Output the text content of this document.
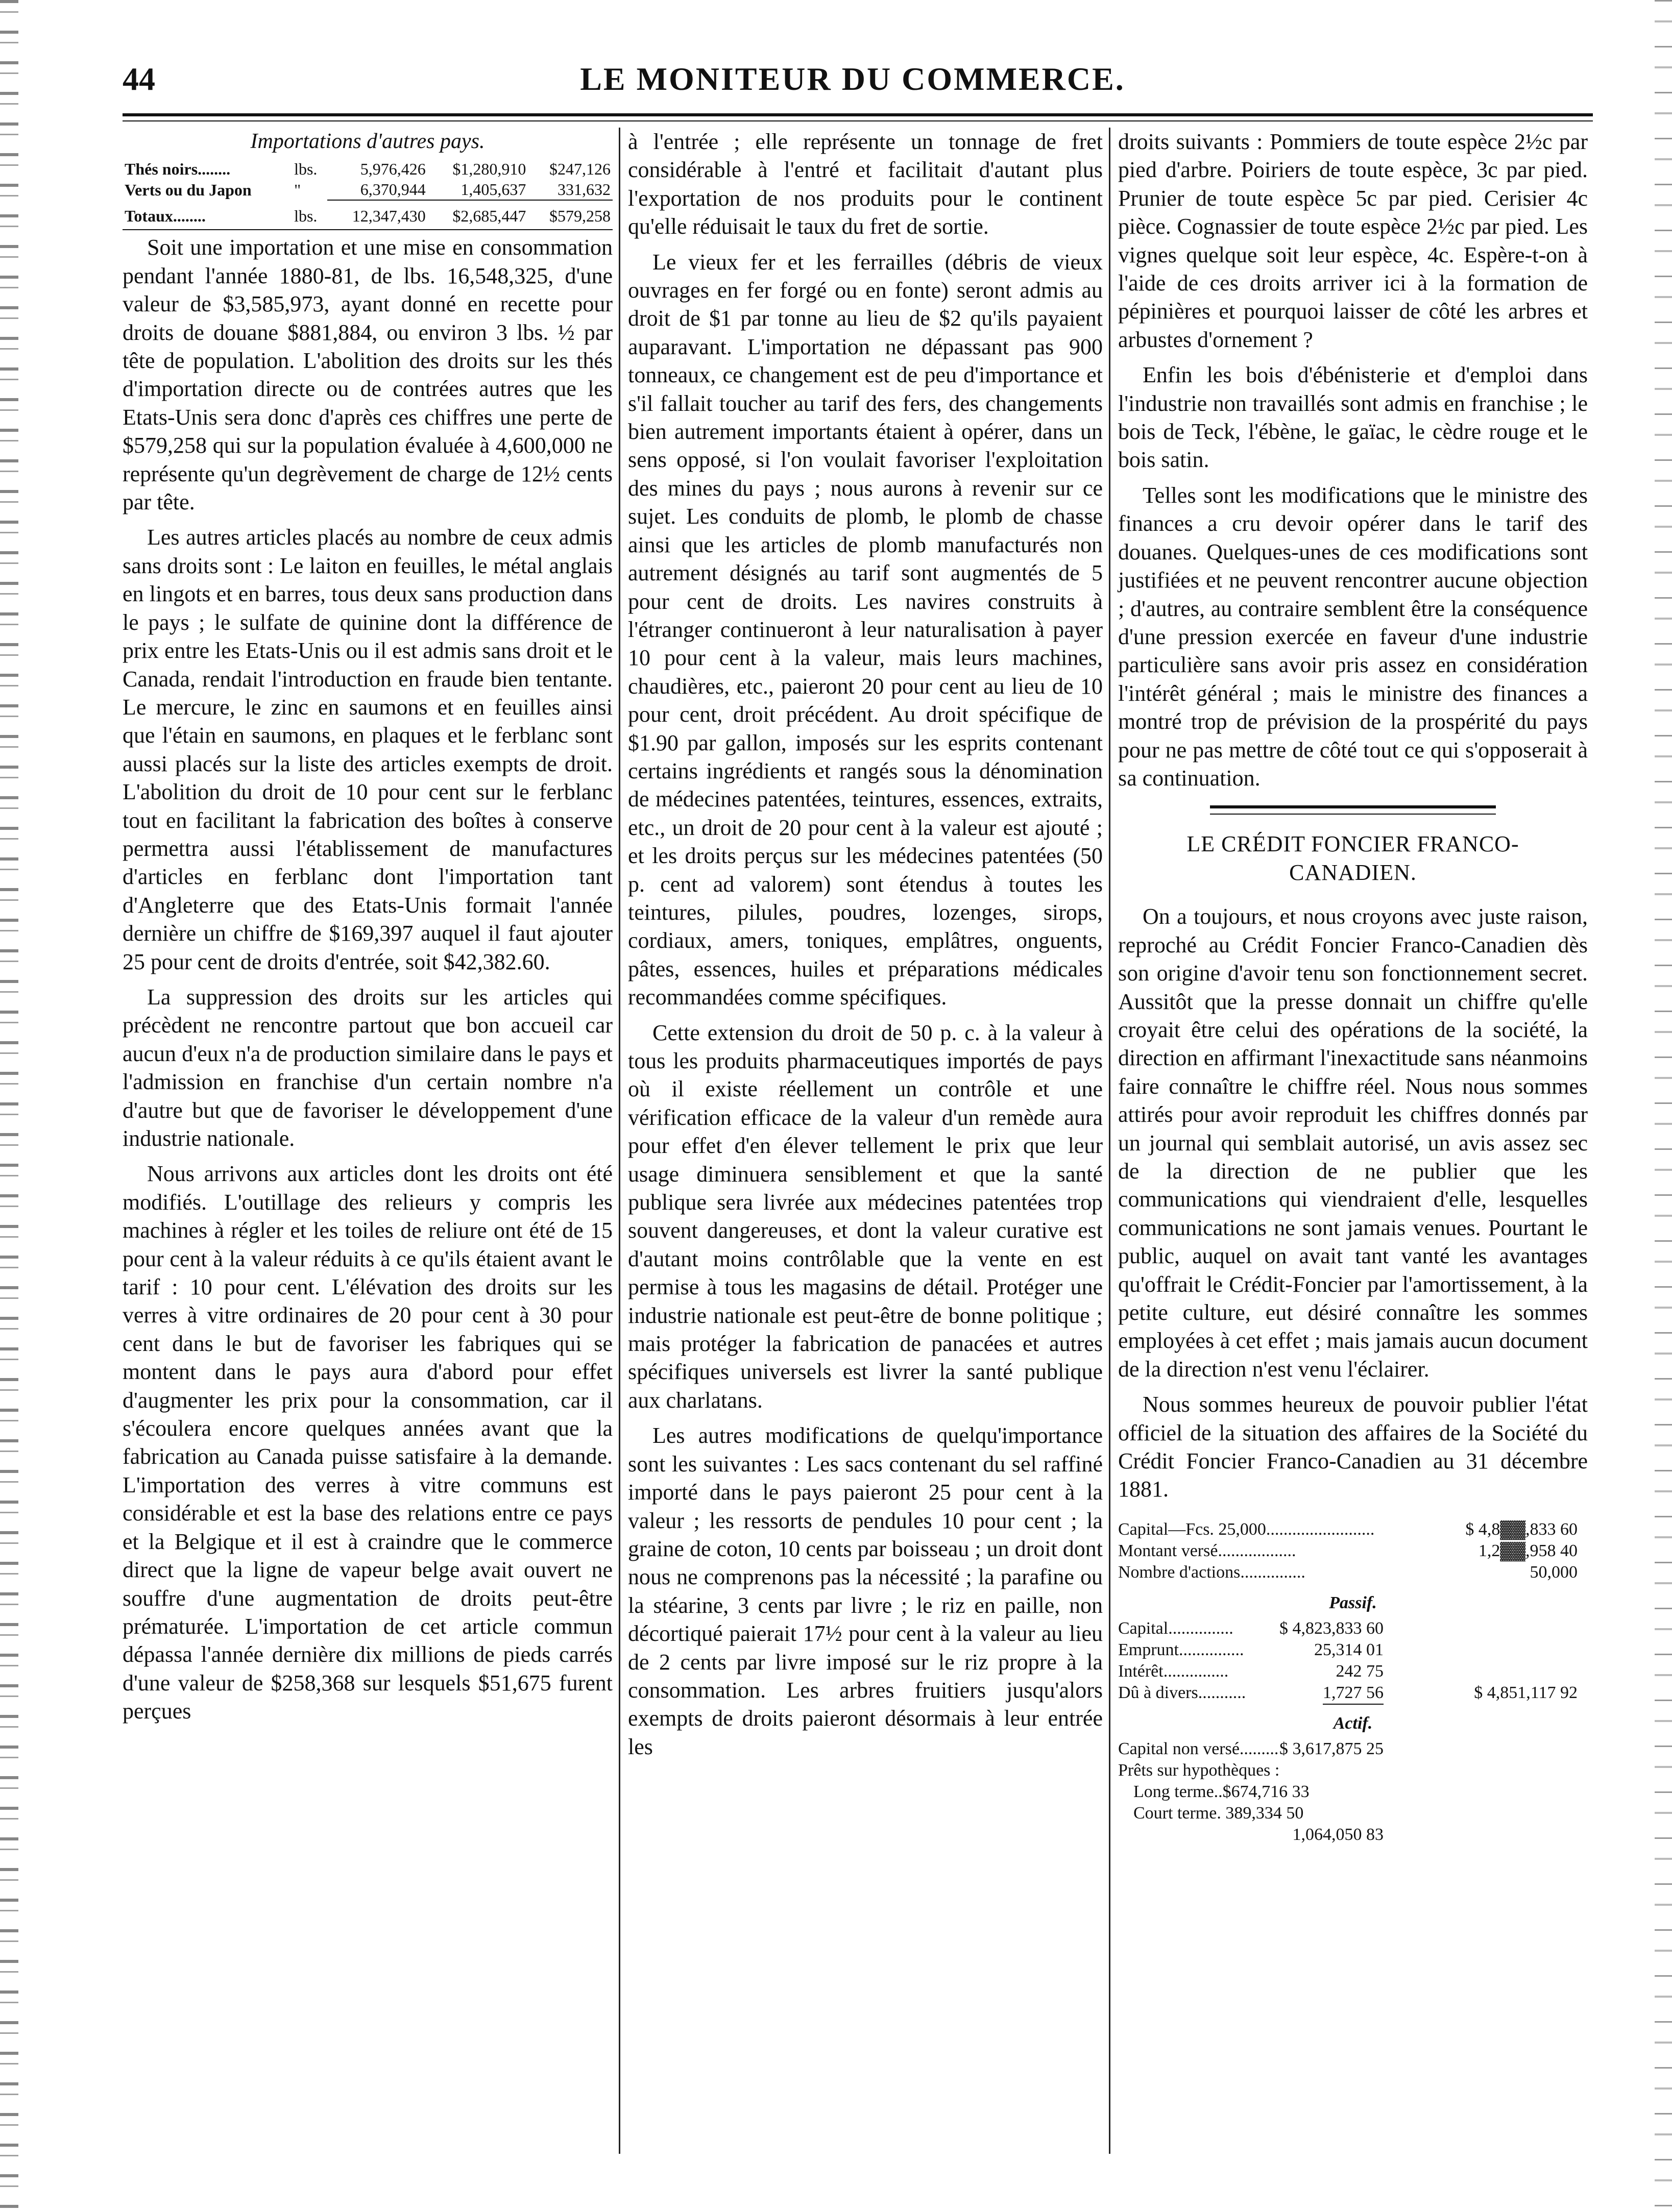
44	LE MONITEUR DU COMMERCE.
Importations d'autres pays.
Thés noirs........	lbs.	5,976,426	$1,280,910	$247,126
Verts ou du Japon	"	6,370,944	1,405,637	331,632
Totaux........	lbs.	12,347,430	$2,685,447	$579,258

Soit une importation et une mise en consommation pendant l'année 1880-81, de lbs. 16,548,325, d'une valeur de $3,585,973, ayant donné en recette pour droits de douane $881,884, ou environ 3 lbs. ½ par tête de population. L'abolition des droits sur les thés d'importation directe ou de contrées autres que les Etats-Unis sera donc d'après ces chiffres une perte de $579,258 qui sur la population évaluée à 4,600,000 ne représente qu'un degrèvement de charge de 12½ cents par tête.

Les autres articles placés au nombre de ceux admis sans droits sont : Le laiton en feuilles, le métal anglais en lingots et en barres, tous deux sans production dans le pays ; le sulfate de quinine dont la différence de prix entre les Etats-Unis ou il est admis sans droit et le Canada, rendait l'introduction en fraude bien tentante. Le mercure, le zinc en saumons et en feuilles ainsi que l'étain en saumons, en plaques et le ferblanc sont aussi placés sur la liste des articles exempts de droit. L'abolition du droit de 10 pour cent sur le ferblanc tout en facilitant la fabrication des boîtes à conserve permettra aussi l'établissement de manufactures d'articles en ferblanc dont l'importation tant d'Angleterre que des Etats-Unis formait l'année dernière un chiffre de $169,397 auquel il faut ajouter 25 pour cent de droits d'entrée, soit $42,382.60.

La suppression des droits sur les articles qui précèdent ne rencontre partout que bon accueil car aucun d'eux n'a de production similaire dans le pays et l'admission en franchise d'un certain nombre n'a d'autre but que de favoriser le développement d'une industrie nationale.

Nous arrivons aux articles dont les droits ont été modifiés. L'outillage des relieurs y compris les machines à régler et les toiles de reliure ont été de 15 pour cent à la valeur réduits à ce qu'ils étaient avant le tarif : 10 pour cent. L'élévation des droits sur les verres à vitre ordinaires de 20 pour cent à 30 pour cent dans le but de favoriser les fabriques qui se montent dans le pays aura d'abord pour effet d'augmenter les prix pour la consommation, car il s'écoulera encore quelques années avant que la fabrication au Canada puisse satisfaire à la demande. L'importation des verres à vitre communs est considérable et est la base des relations entre ce pays et la Belgique et il est à craindre que le commerce direct que la ligne de vapeur belge avait ouvert ne souffre d'une augmentation de droits peut-être prématurée. L'importation de cet article commun dépassa l'année dernière dix millions de pieds carrés d'une valeur de $258,368 sur lesquels $51,675 furent perçues

à l'entrée ; elle représente un tonnage de fret considérable à l'entré et facilitait d'autant plus l'exportation de nos produits pour le continent qu'elle réduisait le taux du fret de sortie.

Le vieux fer et les ferrailles (débris de vieux ouvrages en fer forgé ou en fonte) seront admis au droit de $1 par tonne au lieu de $2 qu'ils payaient auparavant. L'importation ne dépassant pas 900 tonneaux, ce changement est de peu d'importance et s'il fallait toucher au tarif des fers, des changements bien autrement importants étaient à opérer, dans un sens opposé, si l'on voulait favoriser l'exploitation des mines du pays ; nous aurons à revenir sur ce sujet. Les conduits de plomb, le plomb de chasse ainsi que les articles de plomb manufacturés non autrement désignés au tarif sont augmentés de 5 pour cent de droits. Les navires construits à l'étranger continueront à leur naturalisation à payer 10 pour cent à la valeur, mais leurs machines, chaudières, etc., paieront 20 pour cent au lieu de 10 pour cent, droit précédent. Au droit spécifique de $1.90 par gallon, imposés sur les esprits contenant certains ingrédients et rangés sous la dénomination de médecines patentées, teintures, essences, extraits, etc., un droit de 20 pour cent à la valeur est ajouté ; et les droits perçus sur les médecines patentées (50 p. cent ad valorem) sont étendus à toutes les teintures, pilules, poudres, lozenges, sirops, cordiaux, amers, toniques, emplâtres, onguents, pâtes, essences, huiles et préparations médicales recommandées comme spécifiques.

Cette extension du droit de 50 p. c. à la valeur à tous les produits pharmaceutiques importés de pays où il existe réellement un contrôle et une vérification efficace de la valeur d'un remède aura pour effet d'en élever tellement le prix que leur usage diminuera sensiblement et que la santé publique sera livrée aux médecines patentées trop souvent dangereuses, et dont la valeur curative est d'autant moins contrôlable que la vente en est permise à tous les magasins de détail. Protéger une industrie nationale est peut-être de bonne politique ; mais protéger la fabrication de panacées et autres spécifiques universels est livrer la santé publique aux charlatans.

Les autres modifications de quelqu'importance sont les suivantes : Les sacs contenant du sel raffiné importé dans le pays paieront 25 pour cent à la valeur ; les ressorts de pendules 10 pour cent ; la graine de coton, 10 cents par boisseau ; un droit dont nous ne comprenons pas la nécessité ; la parafine ou la stéarine, 3 cents par livre ; le riz en paille, non décortiqué paierait 17½ pour cent à la valeur au lieu de 2 cents par livre imposé sur le riz propre à la consommation. Les arbres fruitiers jusqu'alors exempts de droits paieront désormais à leur entrée les

droits suivants : Pommiers de toute espèce 2½c par pied d'arbre. Poiriers de toute espèce, 3c par pied. Prunier de toute espèce 5c par pied. Cerisier 4c pièce. Cognassier de toute espèce 2½c par pied. Les vignes quelque soit leur espèce, 4c. Espère-t-on à l'aide de ces droits arriver ici à la formation de pépinières et pourquoi laisser de côté les arbres et arbustes d'ornement ?

Enfin les bois d'ébénisterie et d'emploi dans l'industrie non travaillés sont admis en franchise ; le bois de Teck, l'ébène, le gaïac, le cèdre rouge et le bois satin.

Telles sont les modifications que le ministre des finances a cru devoir opérer dans le tarif des douanes. Quelques-unes de ces modifications sont justifiées et ne peuvent rencontrer aucune objection ; d'autres, au contraire semblent être la conséquence d'une pression exercée en faveur d'une industrie particulière sans avoir pris assez en considération l'intérêt général ; mais le ministre des finances a montré trop de prévision de la prospérité du pays pour ne pas mettre de côté tout ce qui s'opposerait à sa continuation.

LE CRÉDIT FONCIER FRANCO-
CANADIEN.

On a toujours, et nous croyons avec juste raison, reproché au Crédit Foncier Franco-Canadien dès son origine d'avoir tenu son fonctionnement secret. Aussitôt que la presse donnait un chiffre qu'elle croyait être celui des opérations de la société, la direction en affirmant l'inexactitude sans néanmoins faire connaître le chiffre réel. Nous nous sommes attirés pour avoir reproduit les chiffres donnés par un journal qui semblait autorisé, un avis assez sec de la direction de ne publier que les communications qui viendraient d'elle, lesquelles communications ne sont jamais venues. Pourtant le public, auquel on avait tant vanté les avantages qu'offrait le Crédit-Foncier par l'amortissement, à la petite culture, eut désiré connaître les sommes employées à cet effet ; mais jamais aucun document de la direction n'est venu l'éclairer.

Nous sommes heureux de pouvoir publier l'état officiel de la situation des affaires de la Société du Crédit Foncier Franco-Canadien au 31 décembre 1881.

Capital—Fcs. 25,000.........................	$ 4,8▓▓,833 60
Montant versé..................	1,2▓▓,958 40
Nombre d'actions...............	50,000
Passif.
Capital...............	$ 4,823,833 60
Emprunt...............	25,314 01
Intérêt...............	242 75
Dû à divers...........	1,727 56	$ 4,851,117 92
Actif.
Capital non versé......... $ 3,617,875 25
Prêts sur hypothèques :
Long terme..$674,716 33
Court terme. 389,334 50
1,064,050 83
